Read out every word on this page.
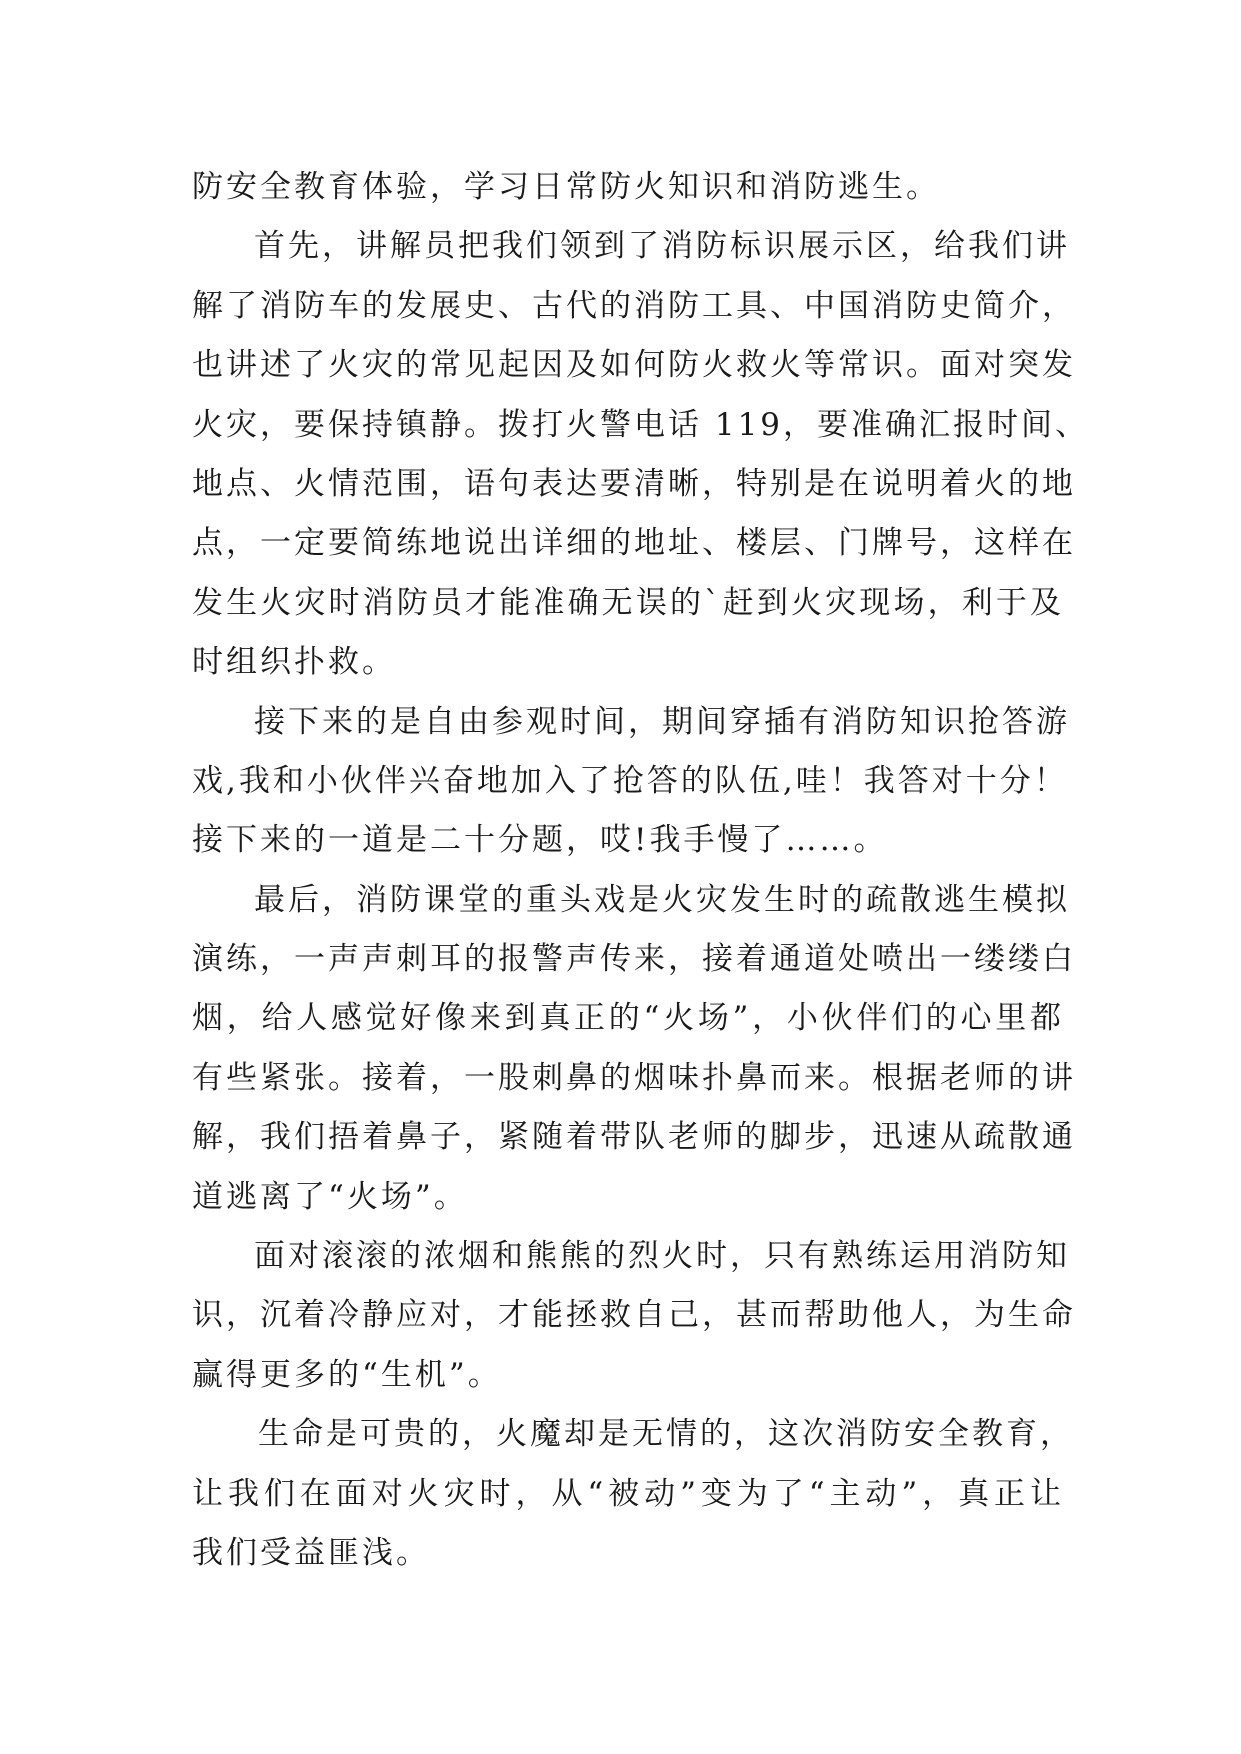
防安全教育体验，学习日常防火知识和消防逃生。
首先，讲解员把我们领到了消防标识展示区，给我们讲
解了消防车的发展史、古代的消防工具、中国消防史简介，
也讲述了火灾的常见起因及如何防火救火等常识。面对突发
火灾，要保持镇静。拨打火警电话 119，要准确汇报时间、
地点、火情范围，语句表达要清晰，特别是在说明着火的地
点，一定要简练地说出详细的地址、楼层、门牌号，这样在
发生火灾时消防员才能准确无误的`赶到火灾现场，利于及
时组织扑救。
接下来的是自由参观时间，期间穿插有消防知识抢答游
戏,我和小伙伴兴奋地加入了抢答的队伍,哇！我答对十分！
接下来的一道是二十分题，哎!我手慢了……。
最后，消防课堂的重头戏是火灾发生时的疏散逃生模拟
演练，一声声刺耳的报警声传来，接着通道处喷出一缕缕白
烟，给人感觉好像来到真正的“火场”，小伙伴们的心里都
有些紧张。接着，一股刺鼻的烟味扑鼻而来。根据老师的讲
解，我们捂着鼻子，紧随着带队老师的脚步，迅速从疏散通
道逃离了“火场”。
面对滚滚的浓烟和熊熊的烈火时，只有熟练运用消防知
识，沉着冷静应对，才能拯救自己，甚而帮助他人，为生命
赢得更多的“生机”。
生命是可贵的，火魔却是无情的，这次消防安全教育，
让我们在面对火灾时，从“被动”变为了“主动”，真正让
我们受益匪浅。
